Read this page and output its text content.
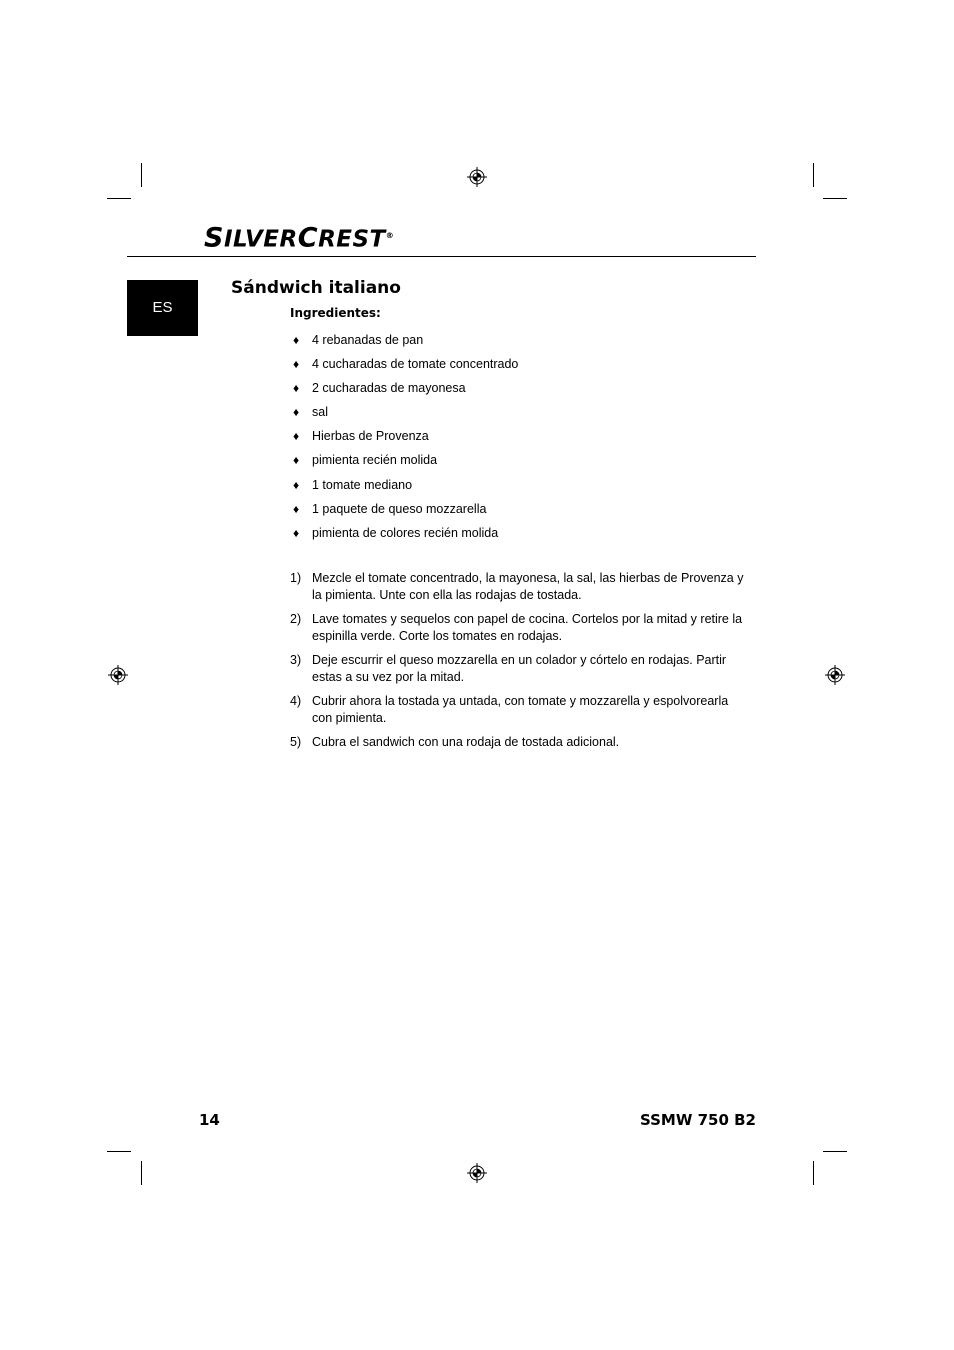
SILVERCREST®
ES
Sándwich italiano
Ingredientes:
♦ 4 rebanadas de pan
♦ 4 cucharadas de tomate concentrado
♦ 2 cucharadas de mayonesa
♦ sal
♦ Hierbas de Provenza
♦ pimienta recién molida
♦ 1 tomate mediano
♦ 1 paquete de queso mozzarella
♦ pimienta de colores recién molida
1) Mezcle el tomate concentrado, la mayonesa, la sal, las hierbas de Provenza y la pimienta. Unte con ella las rodajas de tostada.
2) Lave tomates y sequelos con papel de cocina. Cortelos por la mitad y retire la espinilla verde. Corte los tomates en rodajas.
3) Deje escurrir el queso mozzarella en un colador y córtelo en rodajas. Partir estas a su vez por la mitad.
4) Cubrir ahora la tostada ya untada, con tomate y mozzarella y espolvorearla con pimienta.
5) Cubra el sandwich con una rodaja de tostada adicional.
14	SSMW 750 B2
